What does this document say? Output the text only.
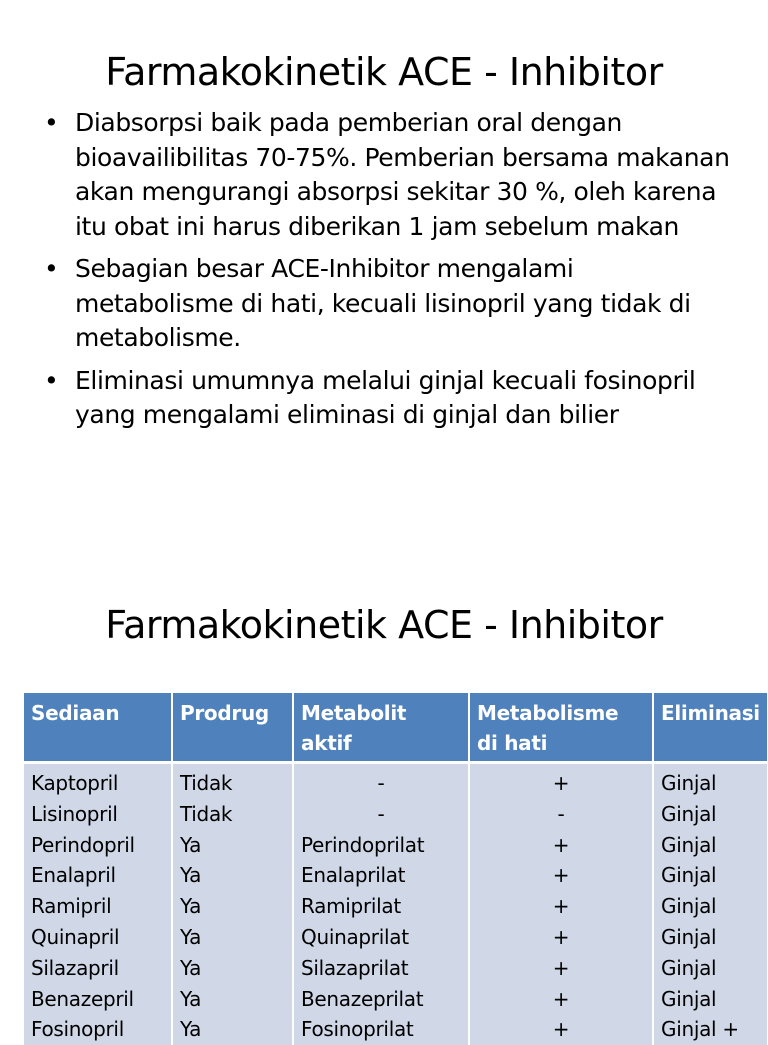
Farmakokinetik ACE - Inhibitor
• Diabsorpsi baik pada pemberian oral dengan bioavailibilitas 70-75%. Pemberian bersama makanan akan mengurangi absorpsi sekitar 30 %, oleh karena itu obat ini harus diberikan 1 jam sebelum makan
• Sebagian besar ACE-Inhibitor mengalami metabolisme di hati, kecuali lisinopril yang tidak di metabolisme.
• Eliminasi umumnya melalui ginjal kecuali fosinopril yang mengalami eliminasi di ginjal dan bilier
Farmakokinetik ACE - Inhibitor
Sediaan	Prodrug	Metabolit aktif	Metabolisme di hati	Eliminasi
Kaptopril	Tidak	-	+	Ginjal
Lisinopril	Tidak	-	-	Ginjal
Perindopril	Ya	Perindoprilat	+	Ginjal
Enalapril	Ya	Enalaprilat	+	Ginjal
Ramipril	Ya	Ramiprilat	+	Ginjal
Quinapril	Ya	Quinaprilat	+	Ginjal
Silazapril	Ya	Silazaprilat	+	Ginjal
Benazepril	Ya	Benazeprilat	+	Ginjal
Fosinopril	Ya	Fosinoprilat	+	Ginjal +
